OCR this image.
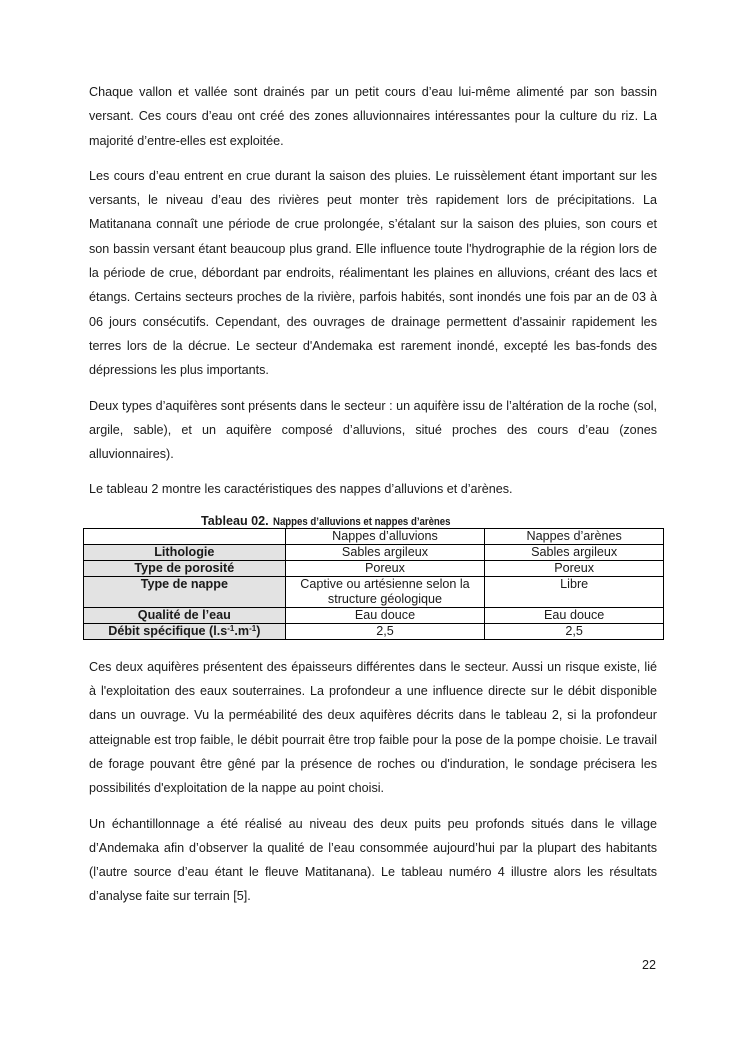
Chaque vallon et vallée sont drainés par un petit cours d’eau lui-même alimenté par son bassin versant. Ces cours d’eau ont créé des zones alluvionnaires intéressantes pour la culture du riz. La majorité d’entre-elles est exploitée.

Les cours d’eau entrent en crue durant la saison des pluies. Le ruissèlement étant important sur les versants, le niveau d’eau des rivières peut monter très rapidement lors de précipitations. La Matitanana connaît une période de crue prolongée, s’étalant sur la saison des pluies, son cours et son bassin versant étant beaucoup plus grand. Elle influence toute l'hydrographie de la région lors de la période de crue, débordant par endroits, réalimentant les plaines en alluvions, créant des lacs et étangs. Certains secteurs proches de la rivière, parfois habités, sont inondés une fois par an de 03 à 06 jours consécutifs. Cependant, des ouvrages de drainage permettent d'assainir rapidement les terres lors de la décrue. Le secteur d'Andemaka est rarement inondé, excepté les bas-fonds des dépressions les plus importants.

Deux types d’aquifères sont présents dans le secteur : un aquifère issu de l’altération de la roche (sol, argile, sable), et un aquifère composé d’alluvions, situé proches des cours d’eau (zones alluvionnaires).

Le tableau 2 montre les caractéristiques des nappes d’alluvions et d’arènes.

Tableau 02. Nappes d’alluvions et nappes d’arènes
	Nappes d’alluvions	Nappes d’arènes
Lithologie	Sables argileux	Sables argileux
Type de porosité	Poreux	Poreux
Type de nappe	Captive ou artésienne selon la structure géologique	Libre
Qualité de l’eau	Eau douce	Eau douce
Débit spécifique $(l.s^{-1}.m^{-1})$	2,5	2,5

Ces deux aquifères présentent des épaisseurs différentes dans le secteur. Aussi un risque existe, lié à l'exploitation des eaux souterraines. La profondeur a une influence directe sur le débit disponible dans un ouvrage. Vu la perméabilité des deux aquifères décrits dans le tableau 2, si la profondeur atteignable est trop faible, le débit pourrait être trop faible pour la pose de la pompe choisie. Le travail de forage pouvant être gêné par la présence de roches ou d'induration, le sondage précisera les possibilités d'exploitation de la nappe au point choisi.

Un échantillonnage a été réalisé au niveau des deux puits peu profonds situés dans le village d’Andemaka afin d’observer la qualité de l’eau consommée aujourd’hui par la plupart des habitants (l’autre source d’eau étant le fleuve Matitanana). Le tableau numéro 4 illustre alors les résultats d’analyse faite sur terrain [5].

22
